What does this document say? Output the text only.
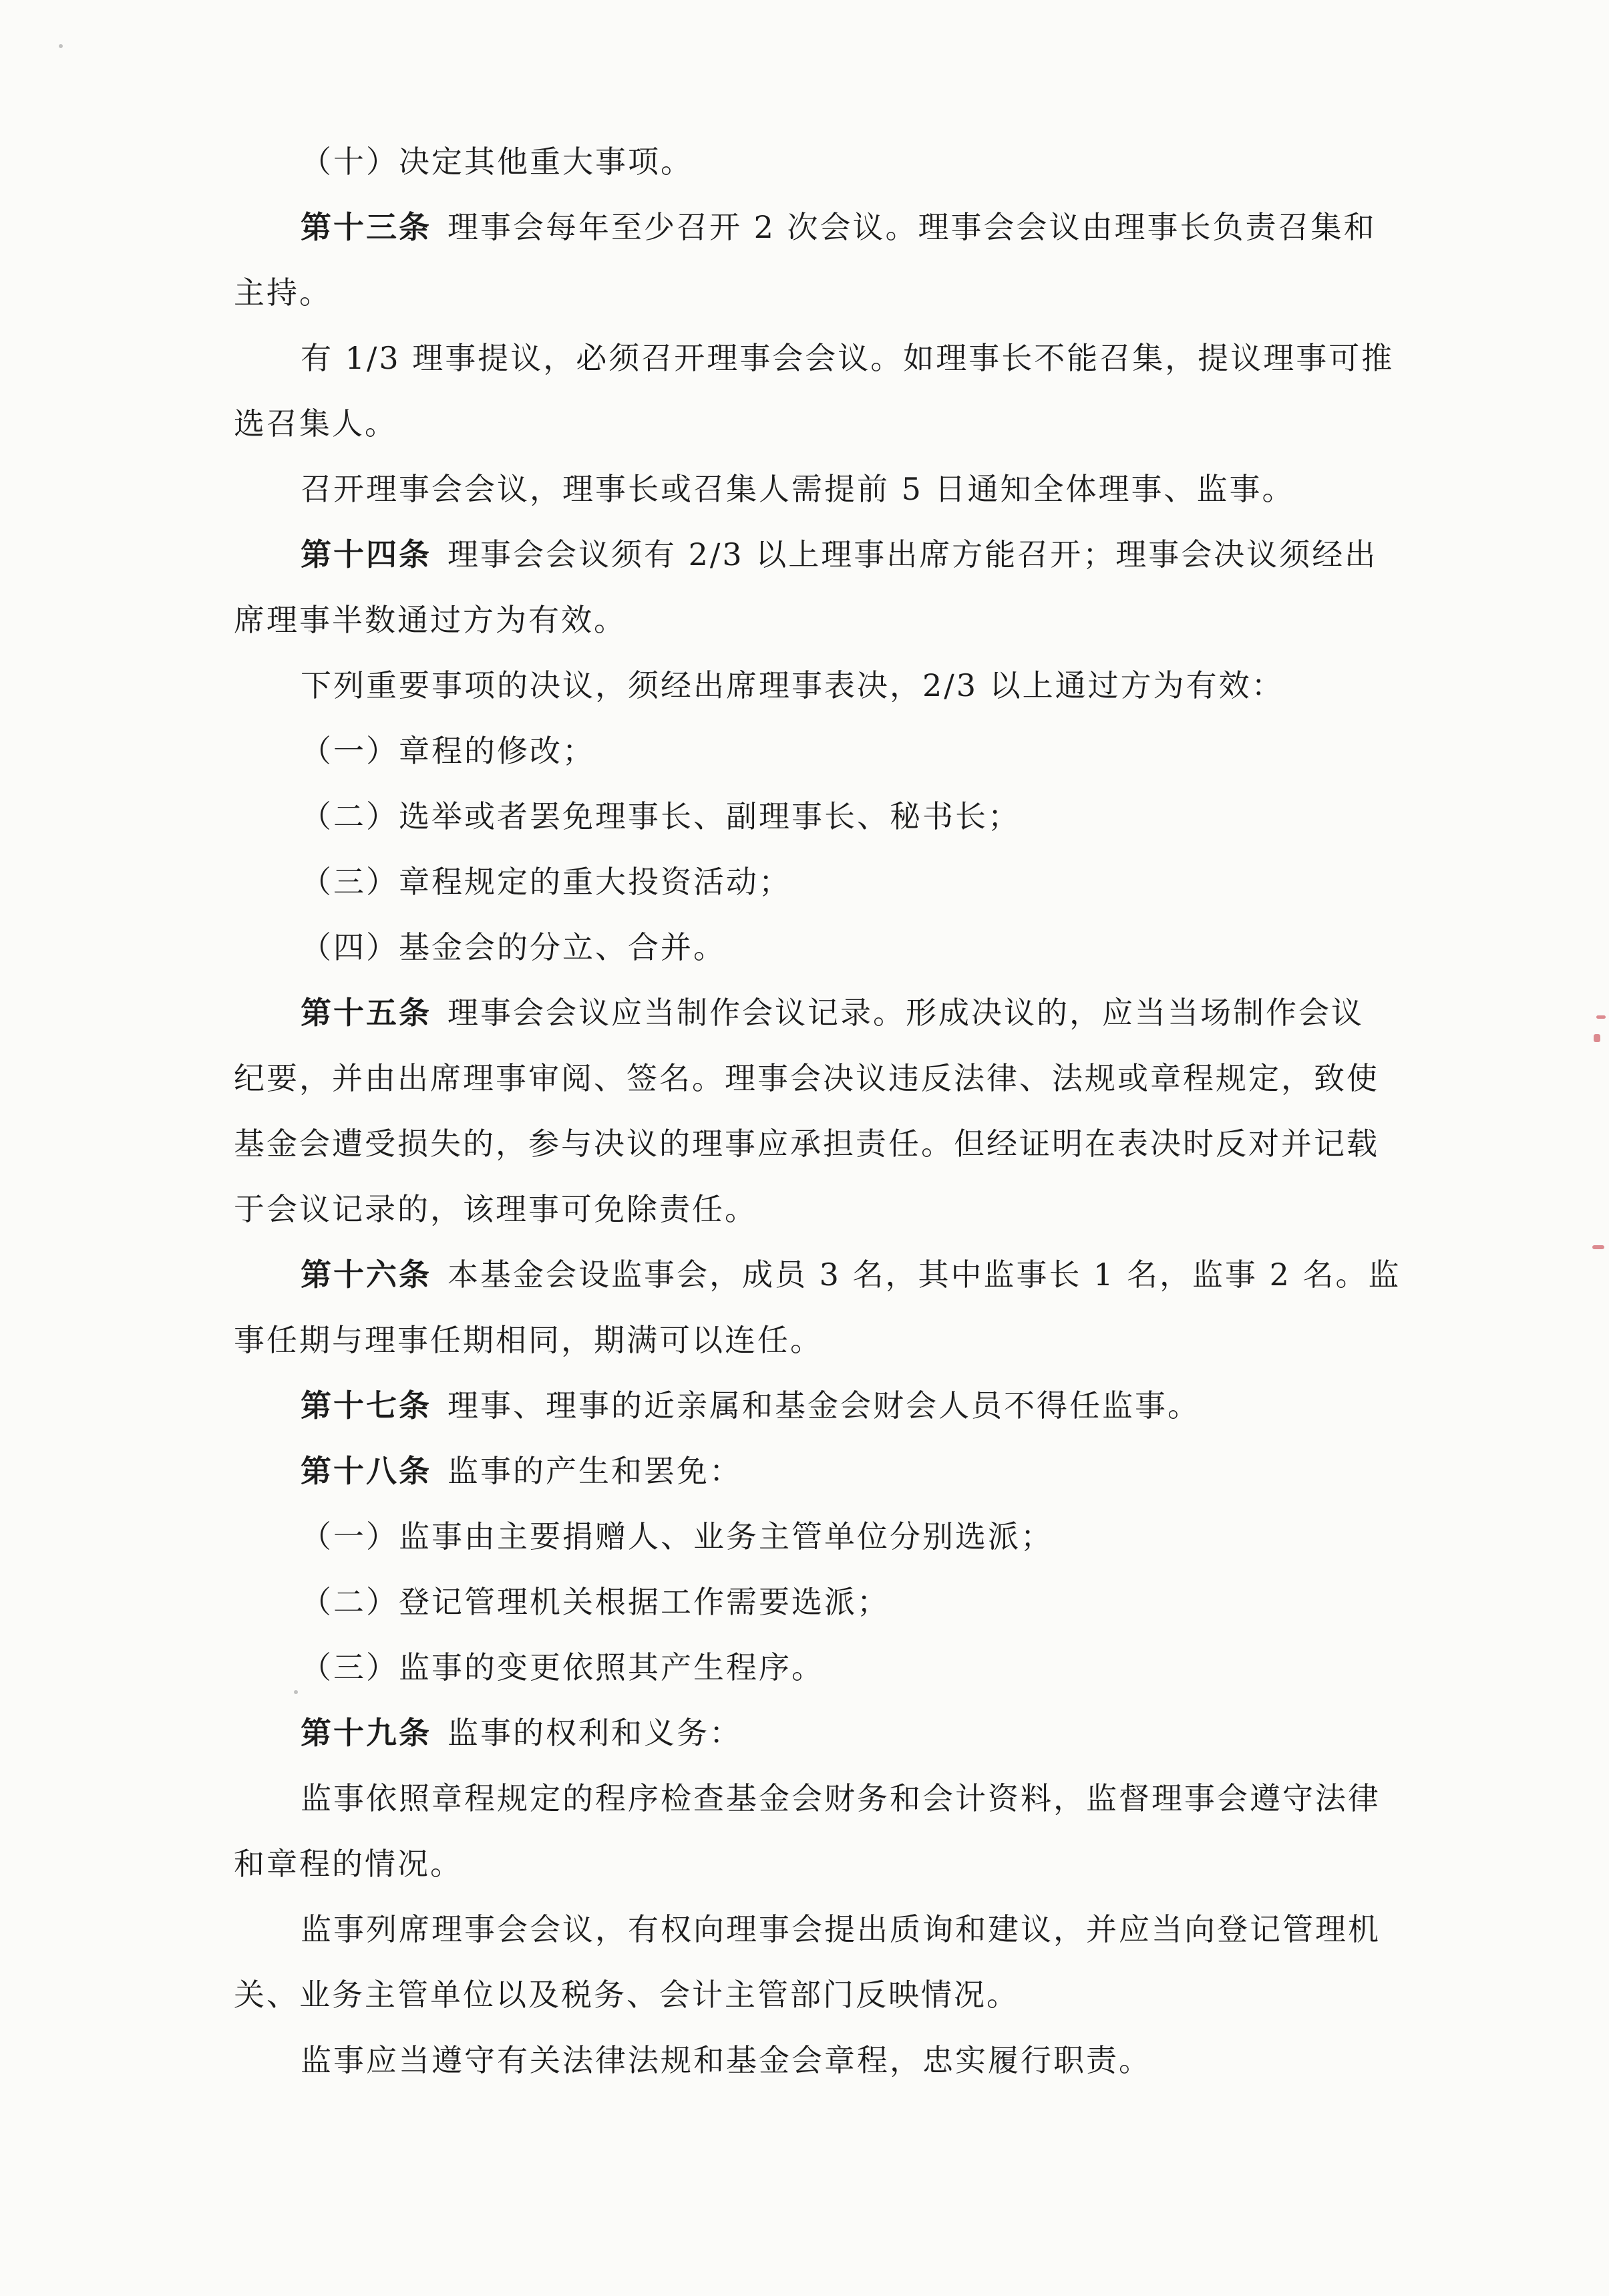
（十）决定其他重大事项。
第十三条 理事会每年至少召开 2 次会议。理事会会议由理事长负责召集和
主持。
有 1/3 理事提议，必须召开理事会会议。如理事长不能召集，提议理事可推
选召集人。
召开理事会会议，理事长或召集人需提前 5 日通知全体理事、监事。
第十四条 理事会会议须有 2/3 以上理事出席方能召开；理事会决议须经出
席理事半数通过方为有效。
下列重要事项的决议，须经出席理事表决，2/3 以上通过方为有效：
（一）章程的修改；
（二）选举或者罢免理事长、副理事长、秘书长；
（三）章程规定的重大投资活动；
（四）基金会的分立、合并。
第十五条 理事会会议应当制作会议记录。形成决议的，应当当场制作会议
纪要，并由出席理事审阅、签名。理事会决议违反法律、法规或章程规定，致使
基金会遭受损失的，参与决议的理事应承担责任。但经证明在表决时反对并记载
于会议记录的，该理事可免除责任。
第十六条 本基金会设监事会，成员 3 名，其中监事长 1 名，监事 2 名。监
事任期与理事任期相同，期满可以连任。
第十七条 理事、理事的近亲属和基金会财会人员不得任监事。
第十八条 监事的产生和罢免：
（一）监事由主要捐赠人、业务主管单位分别选派；
（二）登记管理机关根据工作需要选派；
（三）监事的变更依照其产生程序。
第十九条 监事的权利和义务：
监事依照章程规定的程序检查基金会财务和会计资料，监督理事会遵守法律
和章程的情况。
监事列席理事会会议，有权向理事会提出质询和建议，并应当向登记管理机
关、业务主管单位以及税务、会计主管部门反映情况。
监事应当遵守有关法律法规和基金会章程，忠实履行职责。
